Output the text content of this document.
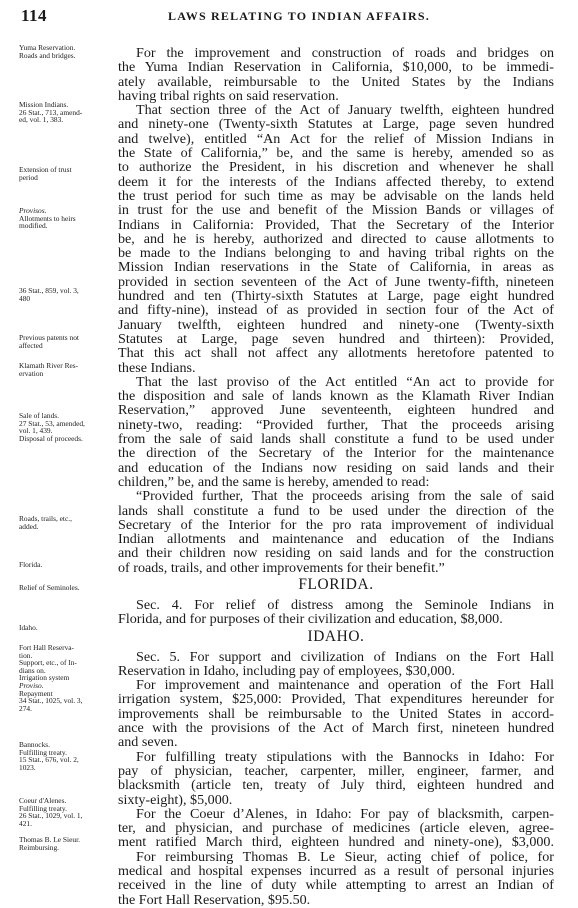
114	LAWS RELATING TO INDIAN AFFAIRS.
Yuma Reservation.
Roads and bridges.
Mission Indians.
26 Stat., 713, amend-
ed, vol. 1, 383.
Extension of trust
period
Provisos.
Allotments to heirs
modified.
36 Stat., 859, vol. 3,
480
Previous patents not
affected
Klamath River Res-
ervation
Sale of lands.
27 Stat., 53, amended,
vol. 1, 439.
Disposal of proceeds.
Roads, trails, etc.,
added.
Florida.
Relief of Seminoles.
Idaho.
Fort Hall Reserva-
tion.
Support, etc., of In-
dians on.
Irrigation system
Proviso.
Repayment
34 Stat., 1025, vol. 3,
274.
Bannocks.
Fulfilling treaty.
15 Stat., 676, vol. 2,
1023.
Coeur d'Alenes.
Fulfilling treaty.
26 Stat., 1029, vol. 1,
421.
Thomas B. Le Sieur.
Reimbursing.
For the improvement and construction of roads and bridges on
the Yuma Indian Reservation in California, $10,000, to be immedi-
ately available, reimbursable to the United States by the Indians
having tribal rights on said reservation.
That section three of the Act of January twelfth, eighteen hundred
and ninety-one (Twenty-sixth Statutes at Large, page seven hundred
and twelve), entitled “An Act for the relief of Mission Indians in
the State of California,” be, and the same is hereby, amended so as
to authorize the President, in his discretion and whenever he shall
deem it for the interests of the Indians affected thereby, to extend
the trust period for such time as may be advisable on the lands held
in trust for the use and benefit of the Mission Bands or villages of
Indians in California: Provided, That the Secretary of the Interior
be, and he is hereby, authorized and directed to cause allotments to
be made to the Indians belonging to and having tribal rights on the
Mission Indian reservations in the State of California, in areas as
provided in section seventeen of the Act of June twenty-fifth, nineteen
hundred and ten (Thirty-sixth Statutes at Large, page eight hundred
and fifty-nine), instead of as provided in section four of the Act of
January twelfth, eighteen hundred and ninety-one (Twenty-sixth
Statutes at Large, page seven hundred and thirteen): Provided,
That this act shall not affect any allotments heretofore patented to
these Indians.
That the last proviso of the Act entitled “An act to provide for
the disposition and sale of lands known as the Klamath River Indian
Reservation,” approved June seventeenth, eighteen hundred and
ninety-two, reading: “Provided further, That the proceeds arising
from the sale of said lands shall constitute a fund to be used under
the direction of the Secretary of the Interior for the maintenance
and education of the Indians now residing on said lands and their
children,” be, and the same is hereby, amended to read:
“Provided further, That the proceeds arising from the sale of said
lands shall constitute a fund to be used under the direction of the
Secretary of the Interior for the pro rata improvement of individual
Indian allotments and maintenance and education of the Indians
and their children now residing on said lands and for the construction
of roads, trails, and other improvements for their benefit.”
FLORIDA.
Sec. 4. For relief of distress among the Seminole Indians in
Florida, and for purposes of their civilization and education, $8,000.
IDAHO.
Sec. 5. For support and civilization of Indians on the Fort Hall
Reservation in Idaho, including pay of employees, $30,000.
For improvement and maintenance and operation of the Fort Hall
irrigation system, $25,000: Provided, That expenditures hereunder for
improvements shall be reimbursable to the United States in accord-
ance with the provisions of the Act of March first, nineteen hundred
and seven.
For fulfilling treaty stipulations with the Bannocks in Idaho: For
pay of physician, teacher, carpenter, miller, engineer, farmer, and
blacksmith (article ten, treaty of July third, eighteen hundred and
sixty-eight), $5,000.
For the Coeur d’Alenes, in Idaho: For pay of blacksmith, carpen-
ter, and physician, and purchase of medicines (article eleven, agree-
ment ratified March third, eighteen hundred and ninety-one), $3,000.
For reimbursing Thomas B. Le Sieur, acting chief of police, for
medical and hospital expenses incurred as a result of personal injuries
received in the line of duty while attempting to arrest an Indian of
the Fort Hall Reservation, $95.50.
